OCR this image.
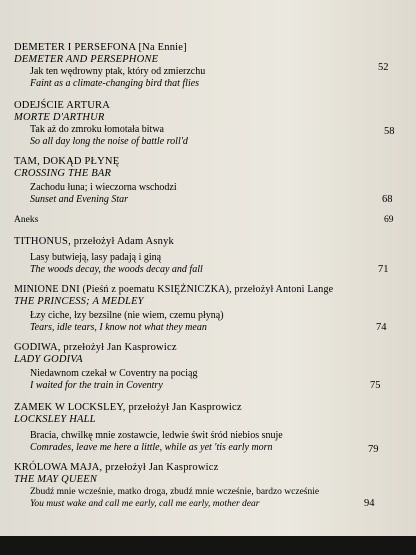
DEMETER I PERSEFONA [Na Ennie]
DEMETER AND PERSEPHONE
Jak ten wędrowny ptak, który od zmierzchu
Faint as a climate-changing bird that flies
52
ODEJŚCIE ARTURA
MORTE D'ARTHUR
Tak aż do zmroku łomotała bitwa
So all day long the noise of battle roll'd
58
TAM, DOKĄD PŁYNĘ
CROSSING THE BAR
Zachodu łuna; i wieczorna wschodzi
Sunset and Evening Star	68
Aneks	69
TITHONUS, przełożył Adam Asnyk
Lasy butwieją, lasy padają i giną
The woods decay, the woods decay and fall	71
MINIONE DNI (Pieśń z poematu KSIĘŻNICZKA), przełożył Antoni Lange
THE PRINCESS; A MEDLEY
Łzy ciche, łzy bezsilne (nie wiem, czemu płyną)
Tears, idle tears, I know not what they mean	74
GODIWA, przełożył Jan Kasprowicz
LADY GODIVA
Niedawnom czekał w Coventry na pociąg
I waited for the train in Coventry	75
ZAMEK W LOCKSLEY, przełożył Jan Kasprowicz
LOCKSLEY HALL
Bracia, chwilkę mnie zostawcie, ledwie świt śród niebios snuje
Comrades, leave me here a little, while as yet 'tis early morn	79
KRÓLOWA MAJA, przełożył Jan Kasprowicz
THE MAY QUEEN
Zbudź mnie wcześnie, matko droga, zbudź mnie wcześnie, bardzo wcześnie
You must wake and call me early, call me early, mother dear	94
